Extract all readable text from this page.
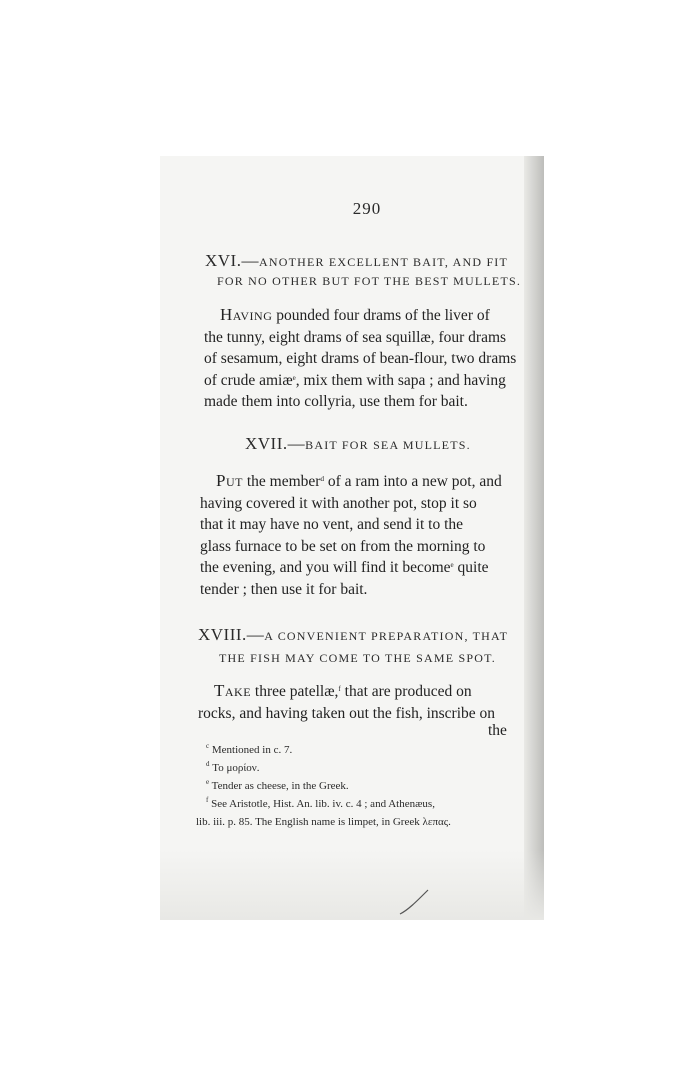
290
XVI.—ANOTHER EXCELLENT BAIT, AND FIT
FOR NO OTHER BUT FOT THE BEST MULLETS.
Having pounded four drams of the liver of
the tunny, eight drams of sea squillæ, four drams
of sesamum, eight drams of bean-flour, two drams
of crude amiæ$^e$, mix them with sapa ; and having
made them into collyria, use them for bait.
XVII.—BAIT FOR SEA MULLETS.
Put the member$^d$ of a ram into a new pot, and
having covered it with another pot, stop it so
that it may have no vent, and send it to the
glass furnace to be set on from the morning to
the evening, and you will find it become$^e$ quite
tender ; then use it for bait.
XVIII.—A CONVENIENT PREPARATION, THAT
THE FISH MAY COME TO THE SAME SPOT.
Take three patellæ,$^f$ that are produced on
rocks, and having taken out the fish, inscribe on
the
$^c$ Mentioned in c. 7.
$^d$ Το μορίον.
$^e$ Tender as cheese, in the Greek.
$^f$ See Aristotle, Hist. An. lib. iv. c. 4 ; and Athenæus,
lib. iii. p. 85. The English name is limpet, in Greek λεπας.
